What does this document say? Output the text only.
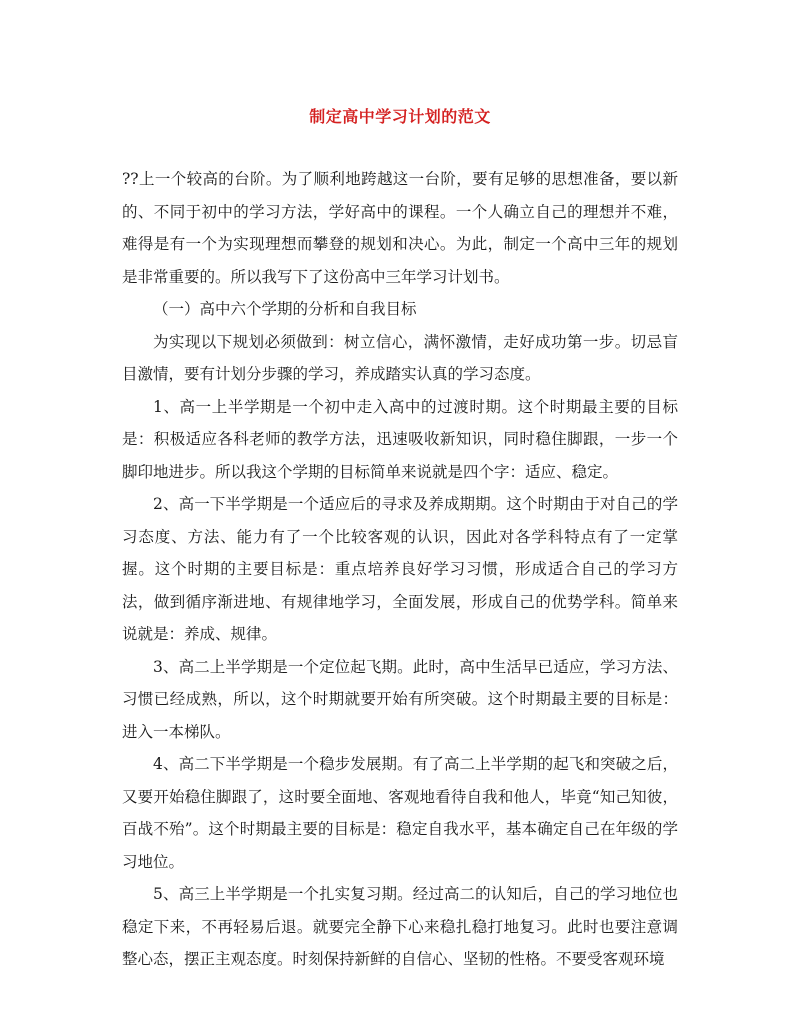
制定高中学习计划的范文

??上一个较高的台阶。为了顺利地跨越这一台阶，要有足够的思想准备，要以新的、不同于初中的学习方法，学好高中的课程。一个人确立自己的理想并不难，难得是有一个为实现理想而攀登的规划和决心。为此，制定一个高中三年的规划是非常重要的。所以我写下了这份高中三年学习计划书。

（一）高中六个学期的分析和自我目标

为实现以下规划必须做到：树立信心，满怀激情，走好成功第一步。切忌盲目激情，要有计划分步骤的学习，养成踏实认真的学习态度。

1、高一上半学期是一个初中走入高中的过渡时期。这个时期最主要的目标是：积极适应各科老师的教学方法，迅速吸收新知识，同时稳住脚跟，一步一个脚印地进步。所以我这个学期的目标简单来说就是四个字：适应、稳定。

2、高一下半学期是一个适应后的寻求及养成期期。这个时期由于对自己的学习态度、方法、能力有了一个比较客观的认识，因此对各学科特点有了一定掌握。这个时期的主要目标是：重点培养良好学习习惯，形成适合自己的学习方法，做到循序渐进地、有规律地学习，全面发展，形成自己的优势学科。简单来说就是：养成、规律。

3、高二上半学期是一个定位起飞期。此时，高中生活早已适应，学习方法、习惯已经成熟，所以，这个时期就要开始有所突破。这个时期最主要的目标是：进入一本梯队。

4、高二下半学期是一个稳步发展期。有了高二上半学期的起飞和突破之后，又要开始稳住脚跟了，这时要全面地、客观地看待自我和他人，毕竟“知己知彼，百战不殆”。这个时期最主要的目标是：稳定自我水平，基本确定自己在年级的学习地位。

5、高三上半学期是一个扎实复习期。经过高二的认知后，自己的学习地位也稳定下来，不再轻易后退。就要完全静下心来稳扎稳打地复习。此时也要注意调整心态，摆正主观态度。时刻保持新鲜的自信心、坚韧的性格。不要受客观环境
